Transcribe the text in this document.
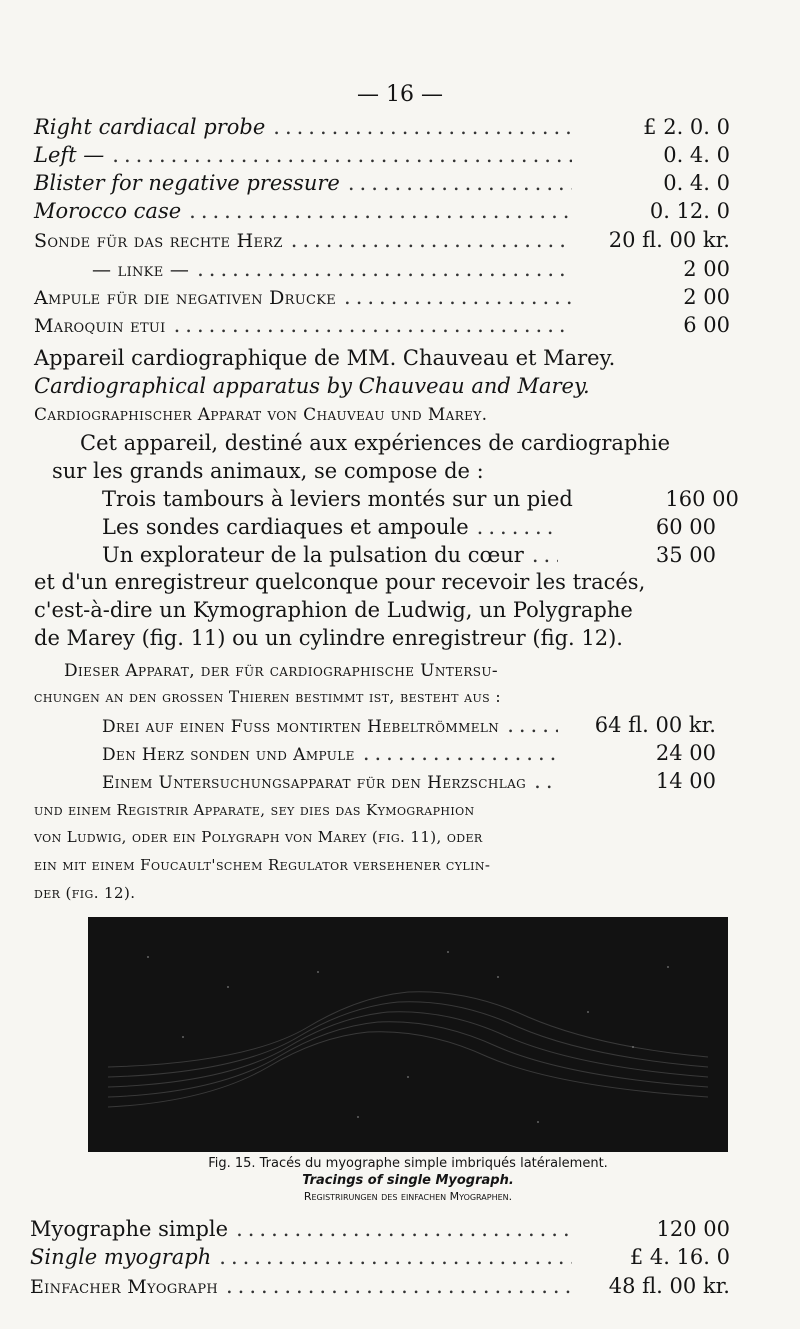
— 16 —
Right cardiacal probe .....	£ 2. 0. 0
Left — .....	0. 4. 0
Blister for negative pressure .....	0. 4. 0
Morocco case .....	0. 12. 0
Sonde für das rechte Herz .....	20 fl. 00 kr.
— linke — .....	2 00
Ampule für die negativen Drucke .....	2 00
Maroquin etui .....	6 00
Appareil cardiographique de MM. Chauveau et Marey.
Cardiographical apparatus by Chauveau and Marey.
Cardiographischer Apparat von Chauveau und Marey.
Cet appareil, destiné aux expériences de cardiographie
sur les grands animaux, se compose de :
Trois tambours à leviers montés sur un pied	160 00
Les sondes cardiaques et ampoule .....	60 00
Un explorateur de la pulsation du cœur .....	35 00
et d'un enregistreur quelconque pour recevoir les tracés,
c'est-à-dire un Kymographion de Ludwig, un Polygraphe
de Marey (fig. 11) ou un cylindre enregistreur (fig. 12).
Dieser Apparat, der für cardiographische Untersu-
chungen an den grossen Thieren bestimmt ist, besteht aus :
Drei auf einen Fuss montirten Hebeltrömmeln .....	64 fl. 00 kr.
Den Herz sonden und Ampule .....	24 00
Einem Untersuchungsapparat für den Herzschlag .....	14 00
und einem Registrir Apparate, sey dies das Kymographion
von Ludwig, oder ein Polygraph von Marey (fig. 11), oder
ein mit einem Foucault'schem Regulator versehener cylin-
der (fig. 12).
Fig. 15. Tracés du myographe simple imbriqués latéralement.
Tracings of single Myograph.
Registrirungen des einfachen Myographen.
Myographe simple .....	120 00
Single myograph .....	£ 4. 16. 0
Einfacher Myograph .....	48 fl. 00 kr.
